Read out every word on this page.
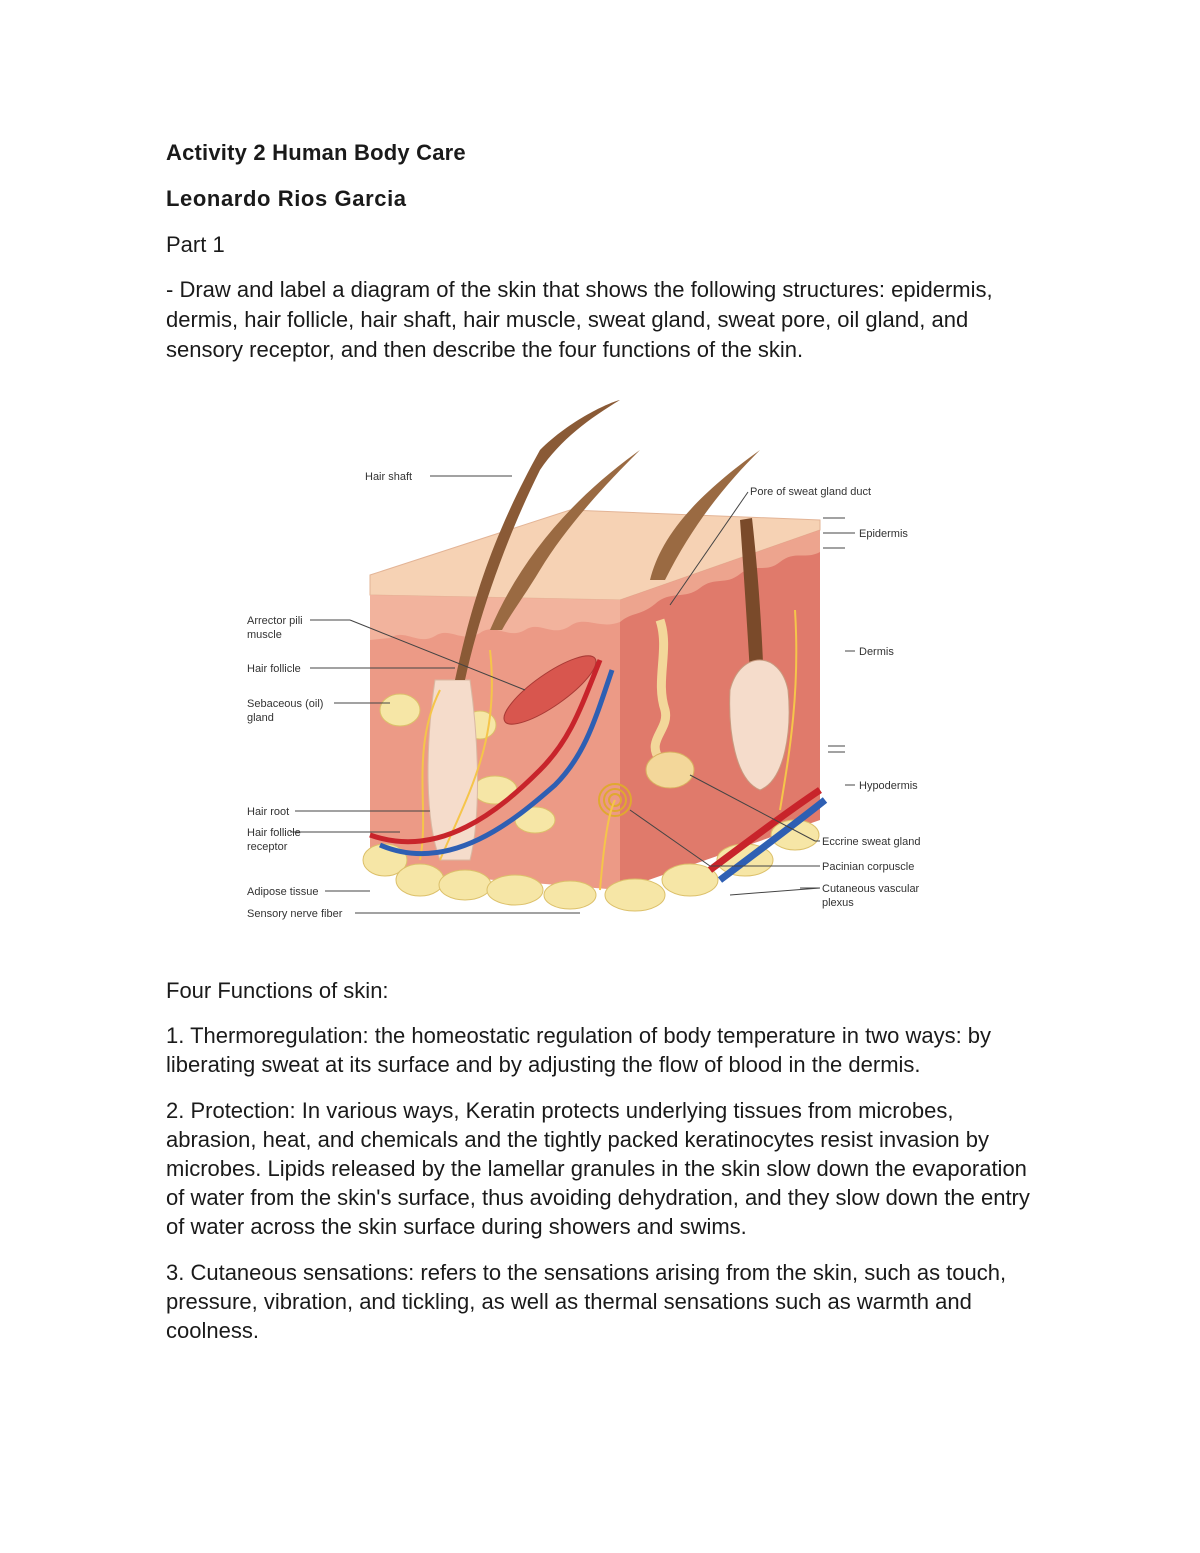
Activity 2 Human Body Care
Leonardo Rios Garcia
Part 1
- Draw and label a diagram of the skin that shows the following structures: epidermis, dermis, hair follicle, hair shaft, hair muscle, sweat gland, sweat pore, oil gland, and sensory receptor, and then describe the four functions of the skin.
Hair shaft
Arrector pili
muscle
Hair follicle
Sebaceous (oil)
gland
Hair root
Hair follicle
receptor
Adipose tissue
Sensory nerve fiber
Pore of sweat gland duct
Epidermis
Dermis
Hypodermis
Eccrine sweat gland
Pacinian corpuscle
Cutaneous vascular
plexus
Four Functions of skin:
1. Thermoregulation: the homeostatic regulation of body temperature in two ways: by liberating sweat at its surface and by adjusting the flow of blood in the dermis.
2. Protection: In various ways, Keratin protects underlying tissues from microbes, abrasion, heat, and chemicals and the tightly packed keratinocytes resist invasion by microbes. Lipids released by the lamellar granules in the skin slow down the evaporation of water from the skin's surface, thus avoiding dehydration, and they slow down the entry of water across the skin surface during showers and swims.
3. Cutaneous sensations: refers to the sensations arising from the skin, such as touch, pressure, vibration, and tickling, as well as thermal sensations such as warmth and coolness.
